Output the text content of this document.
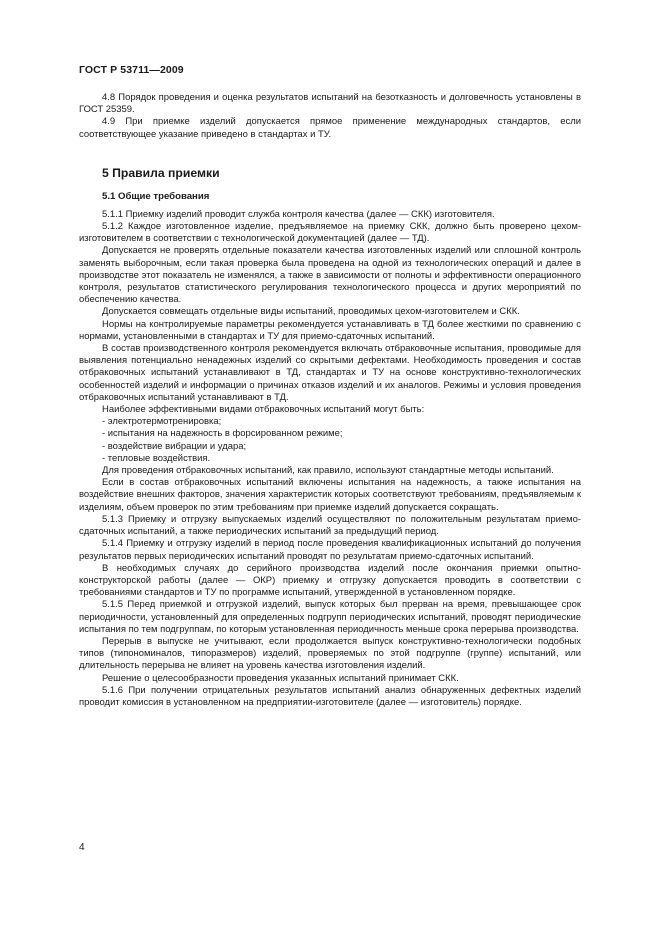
ГОСТ Р 53711—2009

4.8 Порядок проведения и оценка результатов испытаний на безотказность и долговечность установлены в ГОСТ 25359.

4.9 При приемке изделий допускается прямое применение международных стандартов, если соответствующее указание приведено в стандартах и ТУ.

5 Правила приемки
5.1 Общие требования

5.1.1 Приемку изделий проводит служба контроля качества (далее — СКК) изготовителя.

5.1.2 Каждое изготовленное изделие, предъявляемое на приемку СКК, должно быть проверено цехом-изготовителем в соответствии с технологической документацией (далее — ТД).

Допускается не проверять отдельные показатели качества изготовленных изделий или сплошной контроль заменять выборочным, если такая проверка была проведена на одной из технологических операций и далее в производстве этот показатель не изменялся, а также в зависимости от полноты и эффективности операционного контроля, результатов статистического регулирования технологического процесса и других мероприятий по обеспечению качества.

Допускается совмещать отдельные виды испытаний, проводимых цехом-изготовителем и СКК.

Нормы на контролируемые параметры рекомендуется устанавливать в ТД более жесткими по сравнению с нормами, установленными в стандартах и ТУ для приемо-сдаточных испытаний.

В состав производственного контроля рекомендуется включать отбраковочные испытания, проводимые для выявления потенциально ненадежных изделий со скрытыми дефектами. Необходимость проведения и состав отбраковочных испытаний устанавливают в ТД, стандартах и ТУ на основе конструктивно-технологических особенностей изделий и информации о причинах отказов изделий и их аналогов. Режимы и условия проведения отбраковочных испытаний устанавливают в ТД.

Наиболее эффективными видами отбраковочных испытаний могут быть:

- электротермотренировка;

- испытания на надежность в форсированном режиме;

- воздействие вибрации и удара;

- тепловые воздействия.

Для проведения отбраковочных испытаний, как правило, используют стандартные методы испытаний.

Если в состав отбраковочных испытаний включены испытания на надежность, а также испытания на воздействие внешних факторов, значения характеристик которых соответствуют требованиям, предъявляемым к изделиям, объем проверок по этим требованиям при приемке изделий допускается сокращать.

5.1.3 Приемку и отгрузку выпускаемых изделий осуществляют по положительным результатам приемо-сдаточных испытаний, а также периодических испытаний за предыдущий период.

5.1.4 Приемку и отгрузку изделий в период после проведения квалификационных испытаний до получения результатов первых периодических испытаний проводят по результатам приемо-сдаточных испытаний.

В необходимых случаях до серийного производства изделий после окончания приемки опытно-конструкторской работы (далее — ОКР) приемку и отгрузку допускается проводить в соответствии с требованиями стандартов и ТУ по программе испытаний, утвержденной в установленном порядке.

5.1.5 Перед приемкой и отгрузкой изделий, выпуск которых был прерван на время, превышающее срок периодичности, установленный для определенных подгрупп периодических испытаний, проводят периодические испытания по тем подгруппам, по которым установленная периодичность меньше срока перерыва производства.

Перерыв в выпуске не учитывают, если продолжается выпуск конструктивно-технологически подобных типов (типономиналов, типоразмеров) изделий, проверяемых по этой подгруппе (группе) испытаний, или длительность перерыва не влияет на уровень качества изготовления изделий.

Решение о целесообразности проведения указанных испытаний принимает СКК.

5.1.6 При получении отрицательных результатов испытаний анализ обнаруженных дефектных изделий проводит комиссия в установленном на предприятии-изготовителе (далее — изготовитель) порядке.

4
